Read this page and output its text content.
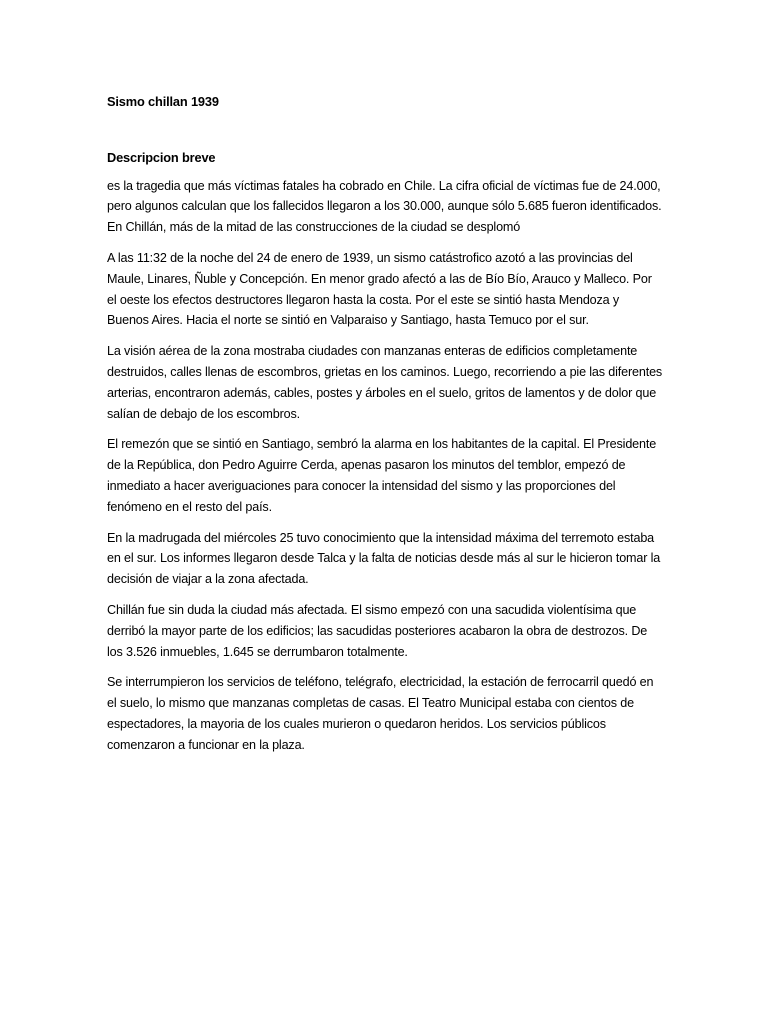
Sismo chillan 1939
Descripcion breve

es la tragedia que más víctimas fatales ha cobrado en Chile. La cifra oficial de víctimas fue de 24.000, pero algunos calculan que los fallecidos llegaron a los 30.000, aunque sólo 5.685 fueron identificados. En Chillán, más de la mitad de las construcciones de la ciudad se desplomó

A las 11:32 de la noche del 24 de enero de 1939, un sismo catástrofico azotó a las provincias del Maule, Linares, Ñuble y Concepción. En menor grado afectó a las de Bío Bío, Arauco y Malleco. Por el oeste los efectos destructores llegaron hasta la costa. Por el este se sintió hasta Mendoza y Buenos Aires. Hacia el norte se sintió en Valparaiso y Santiago, hasta Temuco por el sur.

La visión aérea de la zona mostraba ciudades con manzanas enteras de edificios completamente destruidos, calles llenas de escombros, grietas en los caminos. Luego, recorriendo a pie las diferentes arterias, encontraron además, cables, postes y árboles en el suelo, gritos de lamentos y de dolor que salían de debajo de los escombros.

El remezón que se sintió en Santiago, sembró la alarma en los habitantes de la capital. El Presidente de la República, don Pedro Aguirre Cerda, apenas pasaron los minutos del temblor, empezó de inmediato a hacer averiguaciones para conocer la intensidad del sismo y las proporciones del fenómeno en el resto del país.

En la madrugada del miércoles 25 tuvo conocimiento que la intensidad máxima del terremoto estaba en el sur. Los informes llegaron desde Talca y la falta de noticias desde más al sur le hicieron tomar la decisión de viajar a la zona afectada.

Chillán fue sin duda la ciudad más afectada. El sismo empezó con una sacudida violentísima que derribó la mayor parte de los edificios; las sacudidas posteriores acabaron la obra de destrozos. De los 3.526 inmuebles, 1.645 se derrumbaron totalmente.

Se interrumpieron los servicios de teléfono, telégrafo, electricidad, la estación de ferrocarril quedó en el suelo, lo mismo que manzanas completas de casas. El Teatro Municipal estaba con cientos de espectadores, la mayoria de los cuales murieron o quedaron heridos. Los servicios públicos comenzaron a funcionar en la plaza.
